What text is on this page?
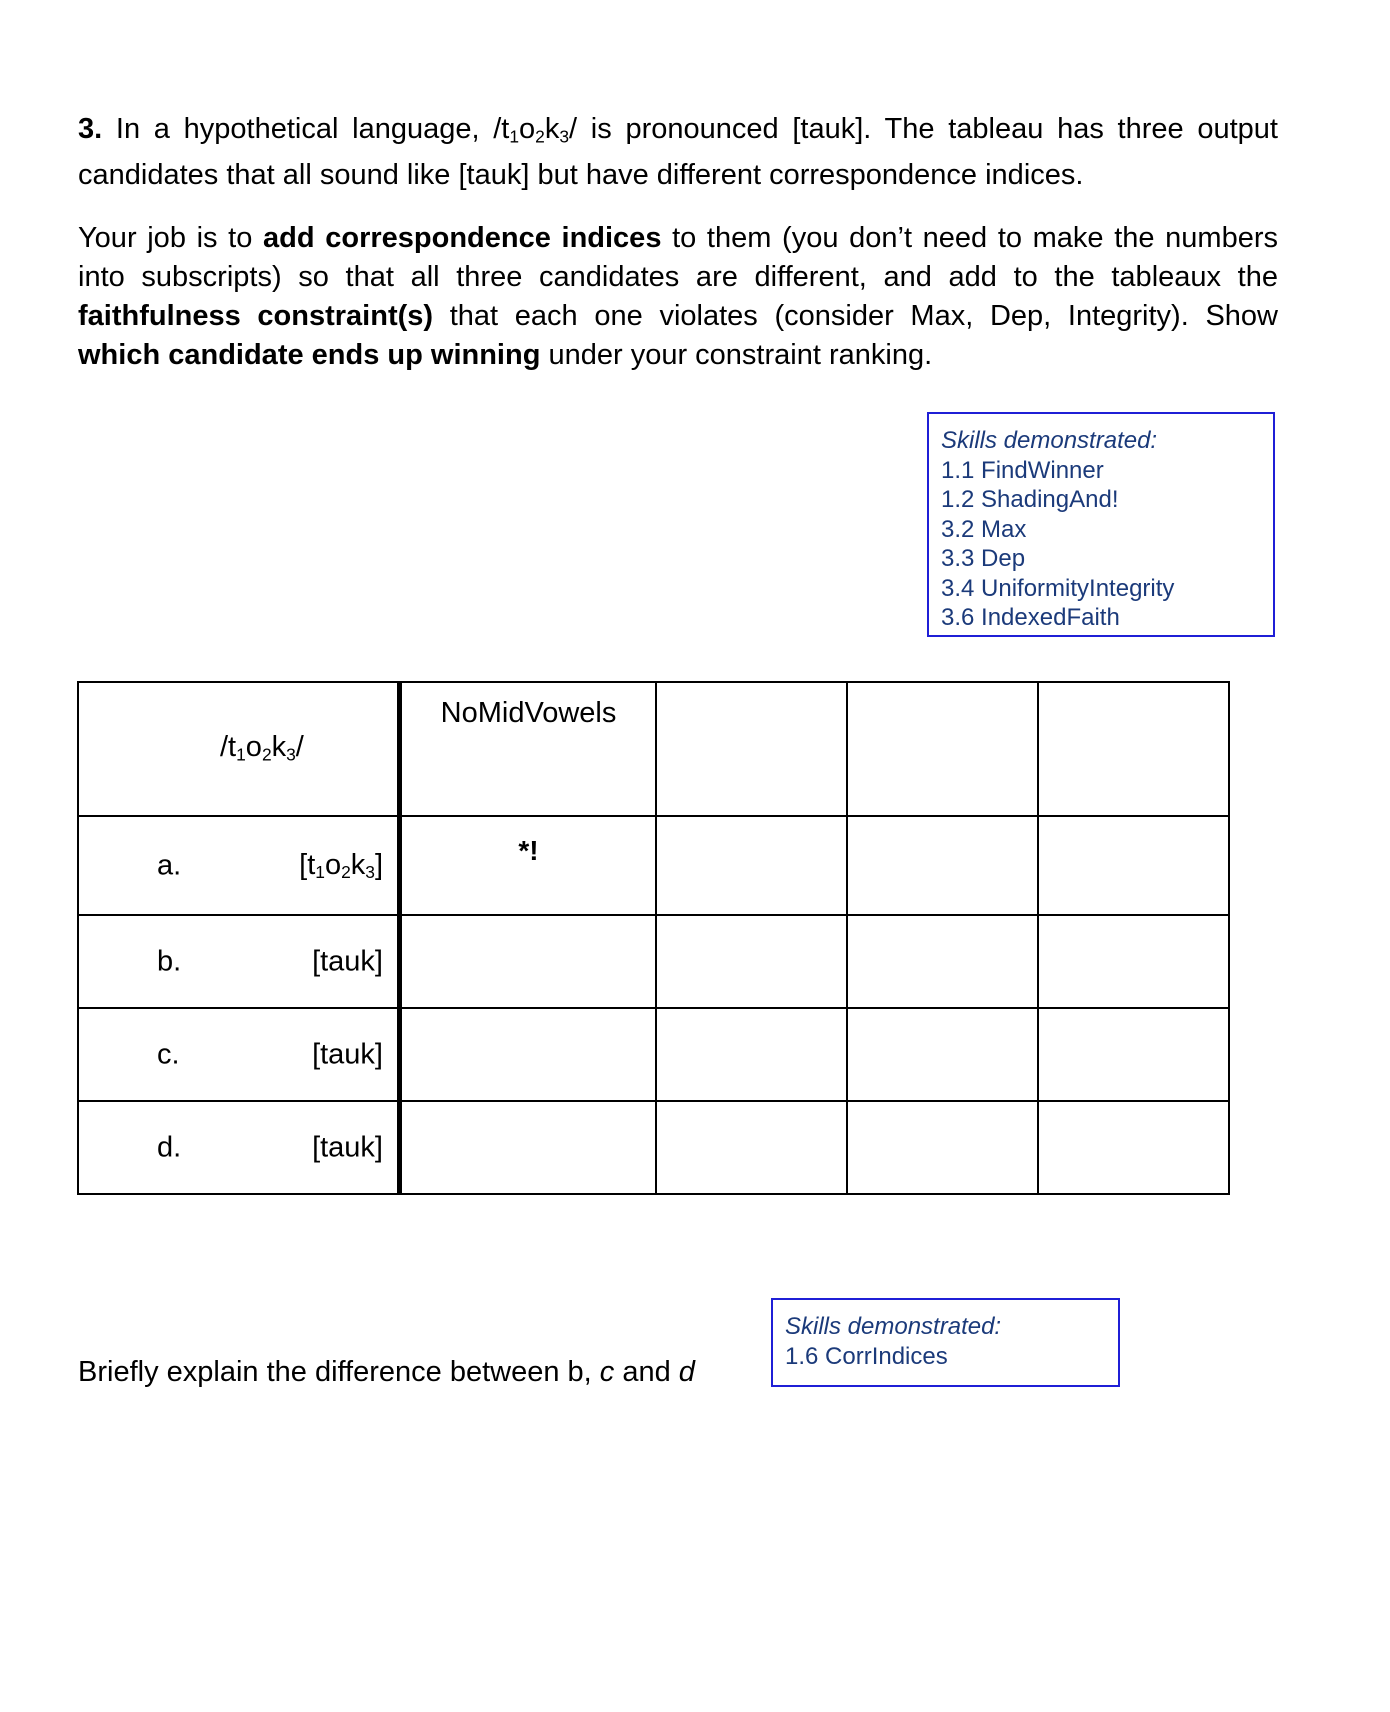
3. In a hypothetical language, $/t_1o_2k_3/$ is pronounced [tauk]. The tableau has three output candidates that all sound like [tauk] but have different correspondence indices.

Your job is to add correspondence indices to them (you don’t need to make the numbers into subscripts) so that all three candidates are different, and add to the tableaux the faithfulness constraint(s) that each one violates (consider Max, Dep, Integrity). Show which candidate ends up winning under your constraint ranking.

Skills demonstrated:
1.1 FindWinner
1.2 ShadingAnd!
3.2 Max
3.3 Dep
3.4 UniformityIntegrity
3.6 IndexedFaith
$/t_1o_2k_3/$	NoMidVowels			

a. $[t_1o_2k_3]$	*!			

b. [tauk]				

c. [tauk]				

d. [tauk]				

Briefly explain the difference between b, c and d
Skills demonstrated:
1.6 CorrIndices
